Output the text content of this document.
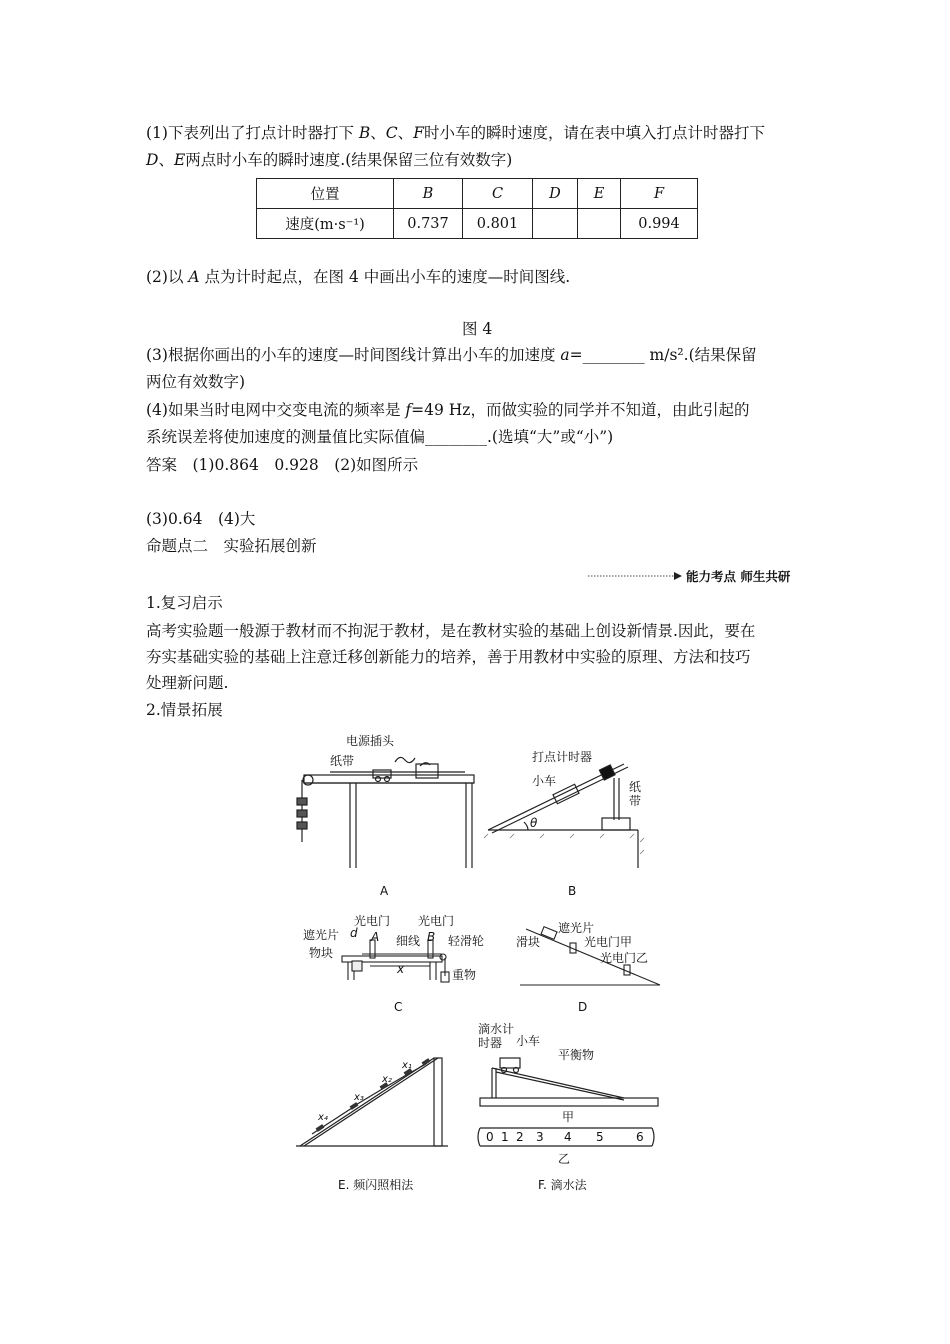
(1)下表列出了打点计时器打下 B、C、F时小车的瞬时速度，请在表中填入打点计时器打下
D、E两点时小车的瞬时速度.(结果保留三位有效数字)
位置	B	C	D	E	F
速度(m·s⁻¹)	0.737	0.801			0.994
(2)以 A 点为计时起点，在图 4 中画出小车的速度—时间图线.
图 4
(3)根据你画出的小车的速度—时间图线计算出小车的加速度 a=________ m/s².(结果保留
两位有效数字)
(4)如果当时电网中交变电流的频率是 f=49 Hz，而做实验的同学并不知道，由此引起的
系统误差将使加速度的测量值比实际值偏________.(选填“大”或“小”)
答案　(1)0.864　0.928　(2)如图所示
(3)0.64　(4)大
命题点二　实验拓展创新
能力考点 师生共研
1.复习启示
高考实验题一般源于教材而不拘泥于教材，是在教材实验的基础上创设新情景.因此，要在
夯实基础实验的基础上注意迁移创新能力的培养，善于用教材中实验的原理、方法和技巧
处理新问题.
2.情景拓展
电源插头
纸带
A
打点计时器
小车	纸
带
θ
B
光电门 光电门
遮光片 d A	B
细线 轻滑轮
物块
x	重物
C
遮光片
滑块	光电门甲
光电门乙
D
x₄
x₃
x₂
x₁
E. 频闪照相法
滴水计
时器 小车
平衡物
甲
0 1 2 3 4 5	6
乙
F. 滴水法
